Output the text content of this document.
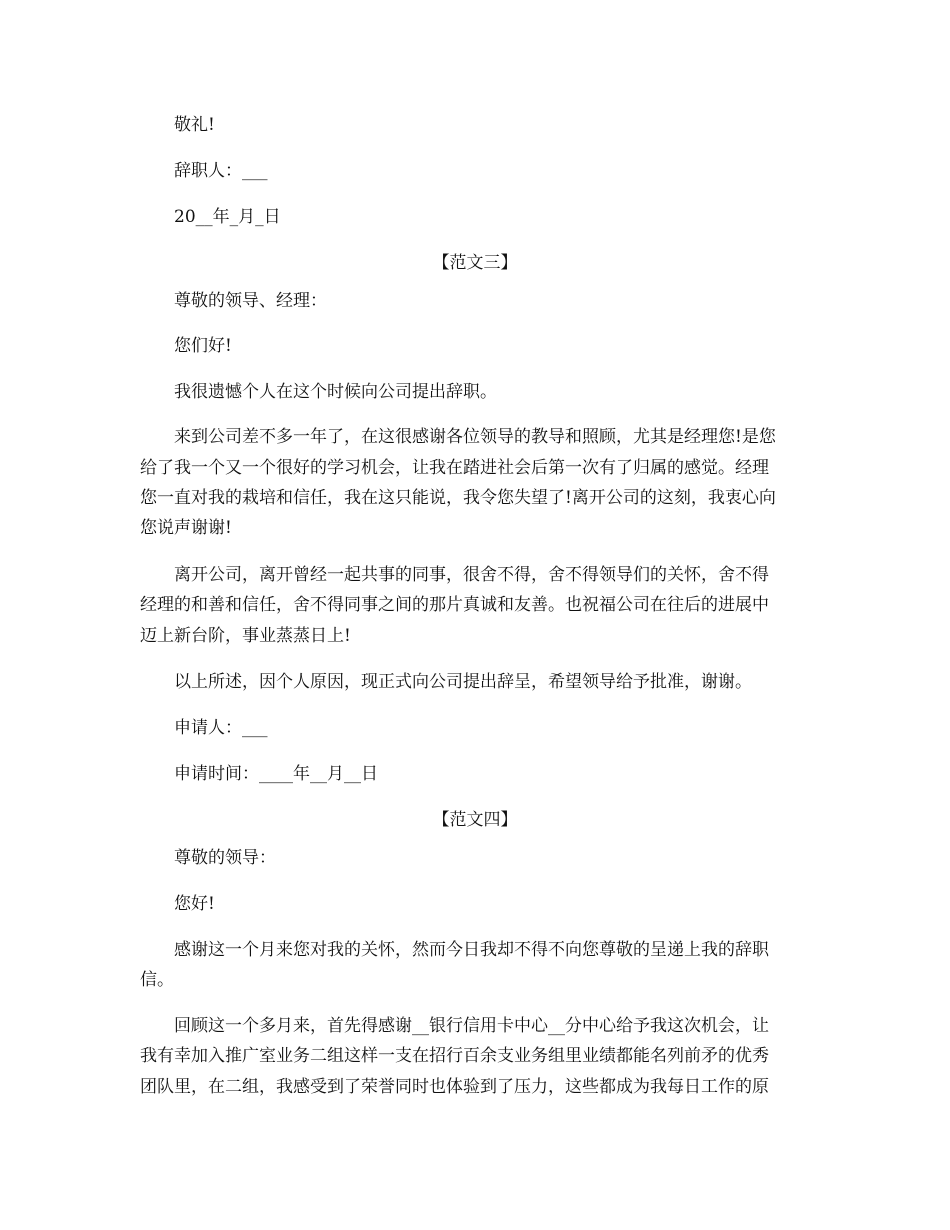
敬礼!
辞职人：___
20__年_月_日
【范文三】
尊敬的领导、经理：
您们好!
我很遗憾个人在这个时候向公司提出辞职。
来到公司差不多一年了，在这很感谢各位领导的教导和照顾，尤其是经理您!是您
给了我一个又一个很好的学习机会，让我在踏进社会后第一次有了归属的感觉。经理
您一直对我的栽培和信任，我在这只能说，我令您失望了!离开公司的这刻，我衷心向
您说声谢谢!
离开公司，离开曾经一起共事的同事，很舍不得，舍不得领导们的关怀，舍不得
经理的和善和信任，舍不得同事之间的那片真诚和友善。也祝福公司在往后的进展中
迈上新台阶，事业蒸蒸日上!
以上所述，因个人原因，现正式向公司提出辞呈，希望领导给予批准，谢谢。
申请人：___
申请时间：____年__月__日
【范文四】
尊敬的领导：
您好!
感谢这一个月来您对我的关怀，然而今日我却不得不向您尊敬的呈递上我的辞职
信。
回顾这一个多月来，首先得感谢__银行信用卡中心__分中心给予我这次机会，让
我有幸加入推广室业务二组这样一支在招行百余支业务组里业绩都能名列前矛的优秀
团队里，在二组，我感受到了荣誉同时也体验到了压力，这些都成为我每日工作的原
